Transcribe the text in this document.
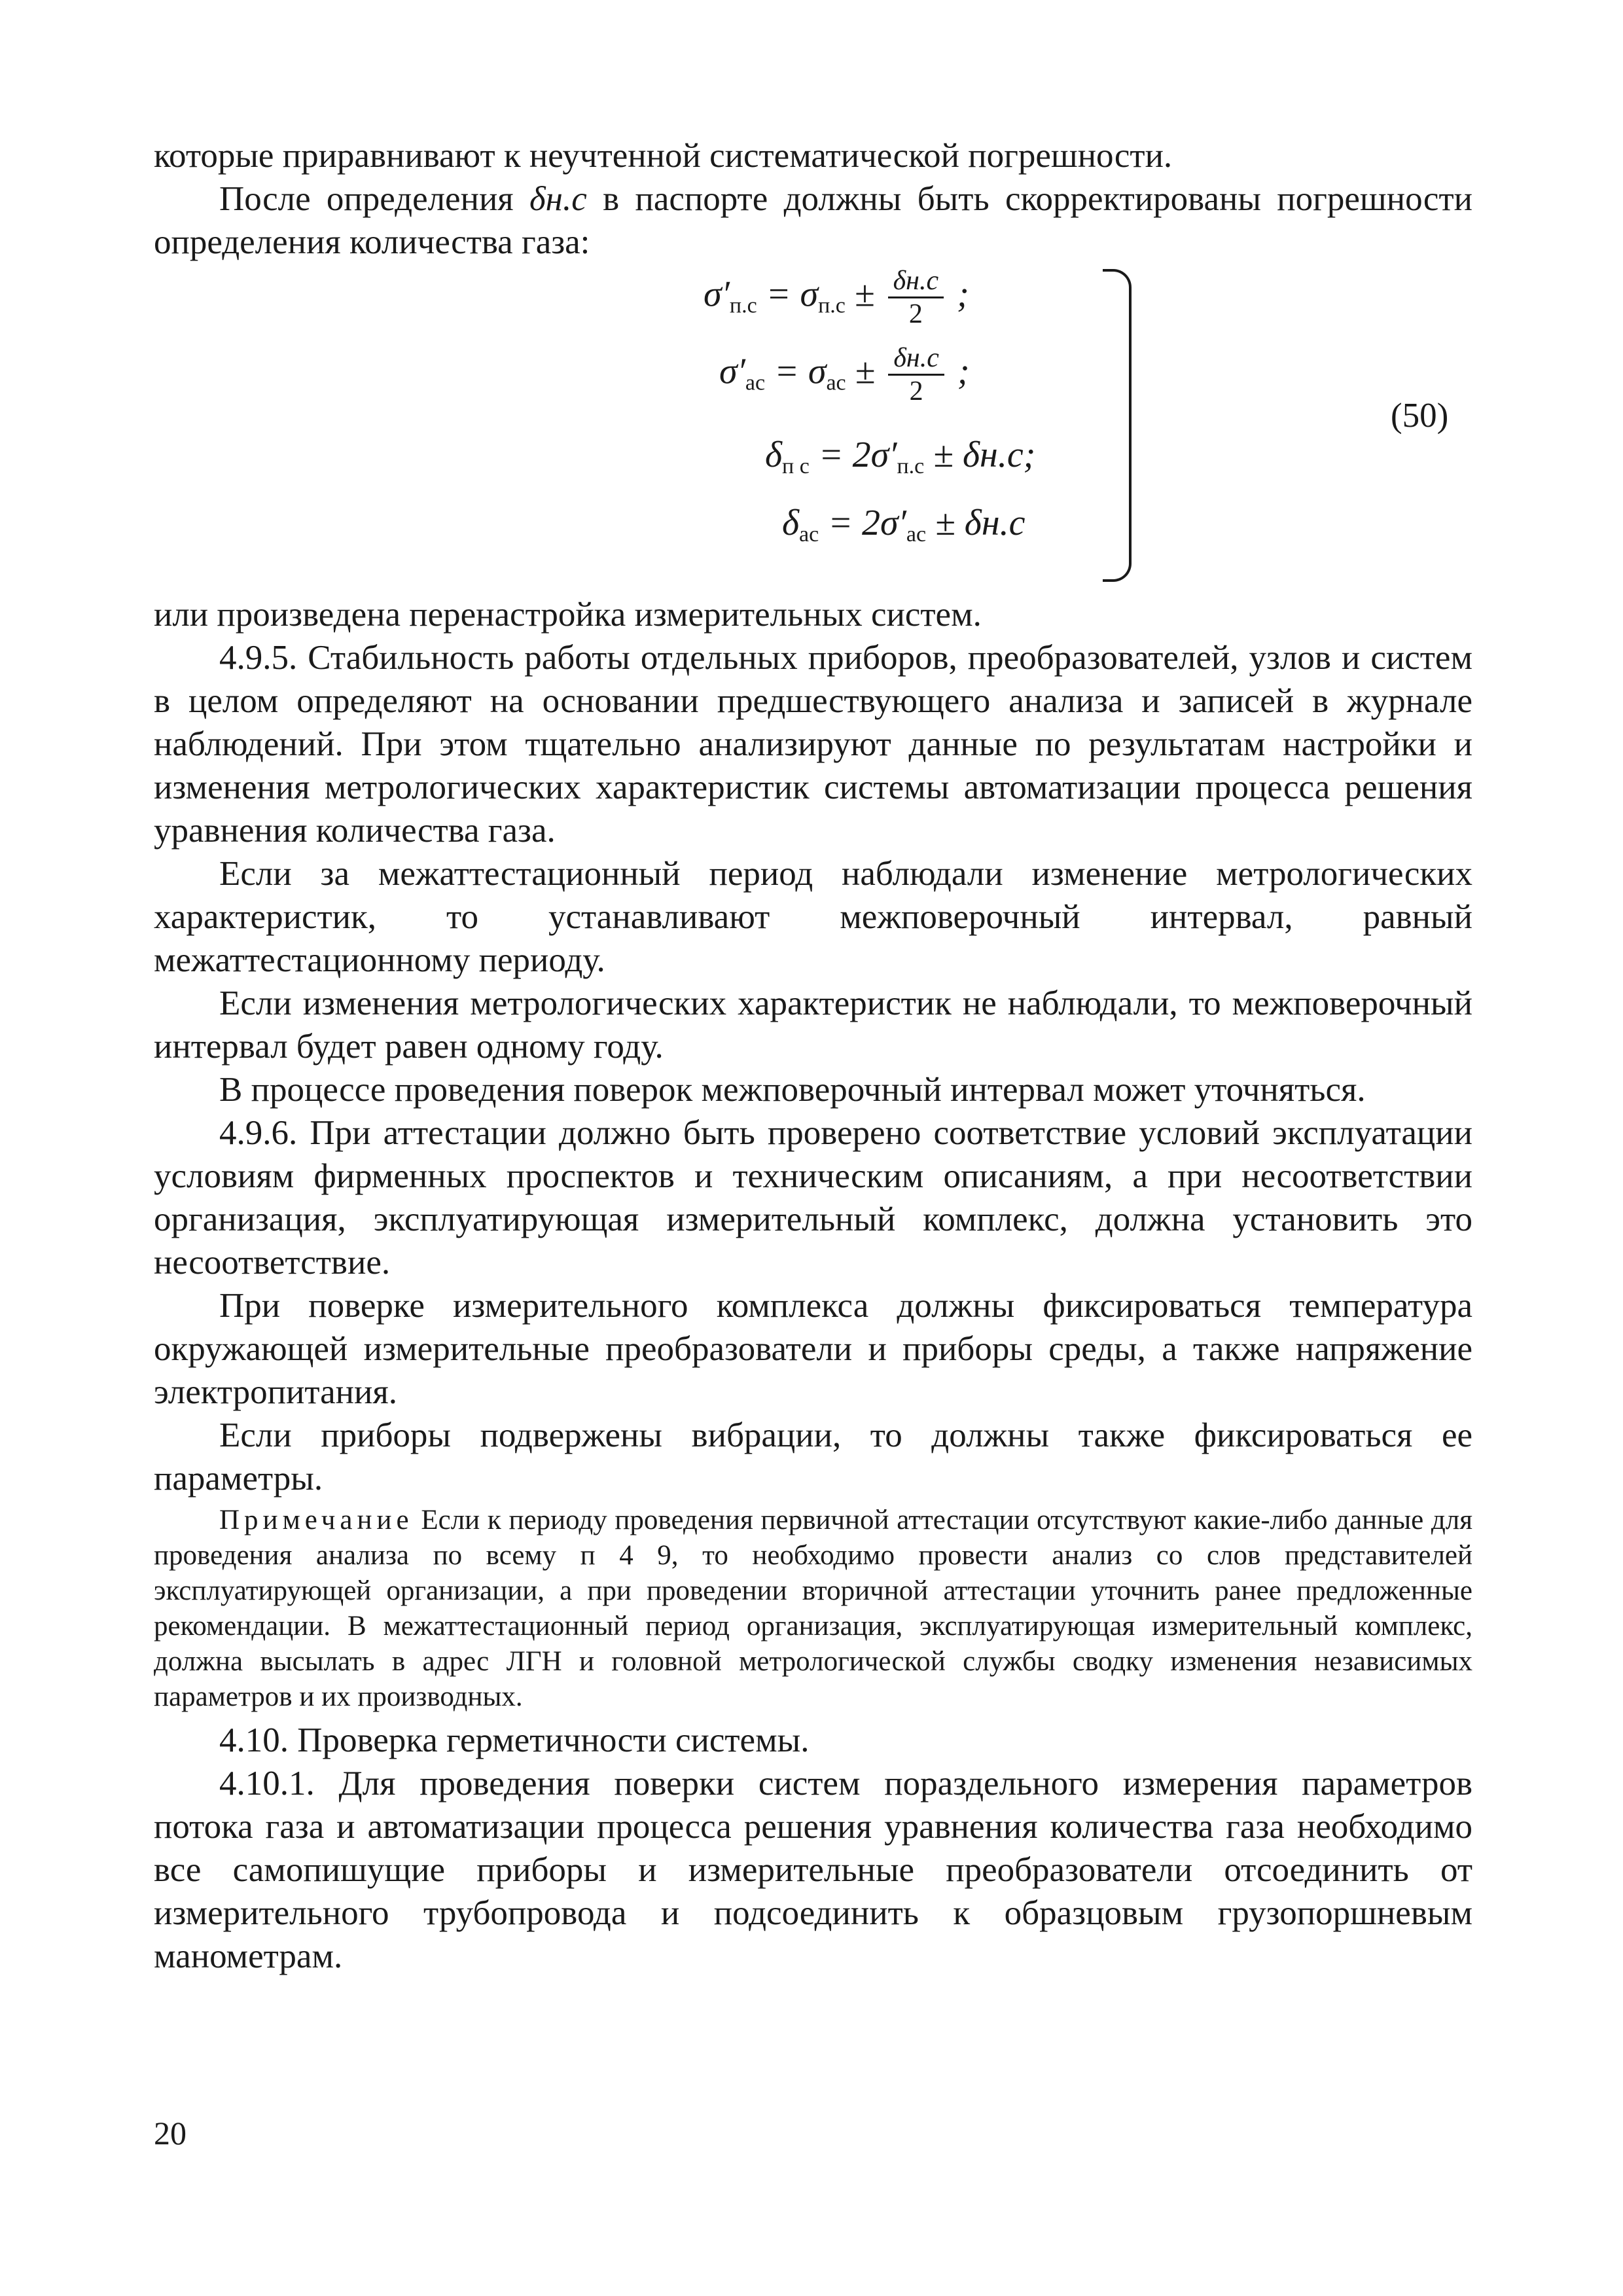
которые приравнивают к неучтенной систематической погрешности.

После определения δн.с в паспорте должны быть скорректированы погрешности определения количества газа:

$\sigma'_{п.с} = \sigma_{п.с} \pm \frac{\delta н.с}{2}$ ;
$\sigma'_{ас} = \sigma_{ас} \pm \frac{\delta н.с}{2}$ ;
$\delta_{п с} = 2\sigma'_{п.с} \pm \delta н.с$;
$\delta_{ас} = 2\sigma'_{ас} \pm \delta н.с$
(50)

или произведена перенастройка измерительных систем.

4.9.5. Стабильность работы отдельных приборов, преобразователей, узлов и систем в целом определяют на основании предшествующего анализа и записей в журнале наблюдений. При этом тщательно анализируют данные по результатам настройки и изменения метрологических характеристик системы автоматизации процесса решения уравнения количества газа.

Если за межаттестационный период наблюдали изменение метрологических характеристик, то устанавливают межповерочный интервал, равный межаттестационному периоду.

Если изменения метрологических характеристик не наблюдали, то межповерочный интервал будет равен одному году.

В процессе проведения поверок межповерочный интервал может уточняться.

4.9.6. При аттестации должно быть проверено соответствие условий эксплуатации условиям фирменных проспектов и техническим описаниям, а при несоответствии организация, эксплуатирующая измерительный комплекс, должна установить это несоответствие.

При поверке измерительного комплекса должны фиксироваться температура окружающей измерительные преобразователи и приборы среды, а также напряжение электропитания.

Если приборы подвержены вибрации, то должны также фиксироваться ее параметры.

Примечание Если к периоду проведения первичной аттестации отсутствуют какие-либо данные для проведения анализа по всему п 4 9, то необходимо провести анализ со слов представителей эксплуатирующей организации, а при проведении вторичной аттестации уточнить ранее предложенные рекомендации. В межаттестационный период организация, эксплуатирующая измерительный комплекс, должна высылать в адрес ЛГН и головной метрологической службы сводку изменения независимых параметров и их производных.

4.10. Проверка герметичности системы.

4.10.1. Для проведения поверки систем пораздельного измерения параметров потока газа и автоматизации процесса решения уравнения количества газа необходимо все самопишущие приборы и измерительные преобразователи отсоединить от измерительного трубопровода и подсоединить к образцовым грузопоршневым манометрам.

20
